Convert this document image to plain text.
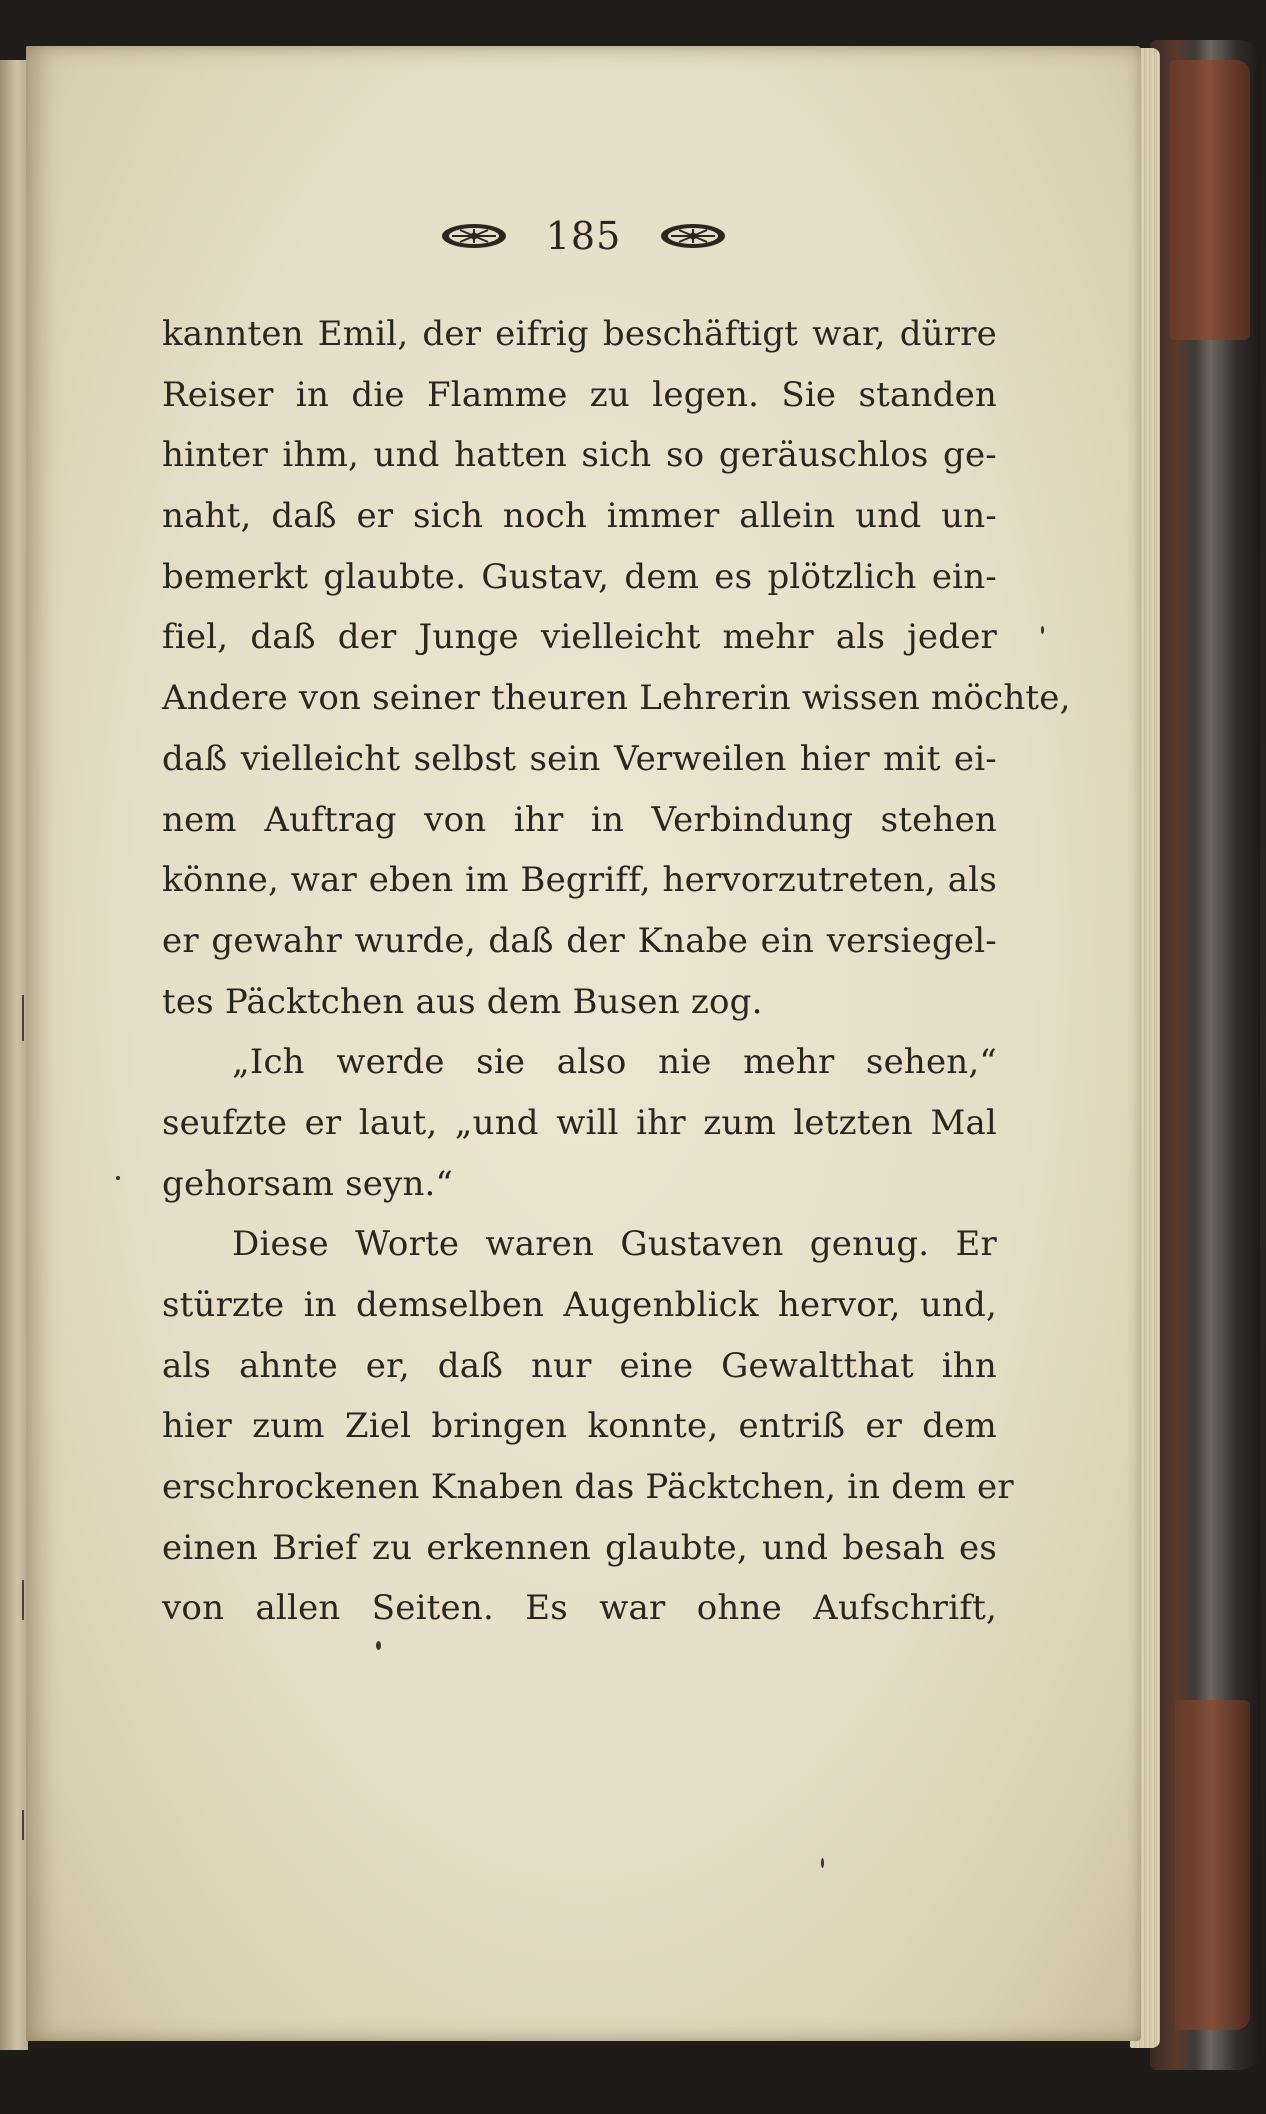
185
kannten Emil, der eifrig beschäftigt war, dürre
Reiser in die Flamme zu legen. Sie standen
hinter ihm, und hatten sich so geräuschlos ge-
naht, daß er sich noch immer allein und un-
bemerkt glaubte. Gustav, dem es plötzlich ein-
fiel, daß der Junge vielleicht mehr als jeder
Andere von seiner theuren Lehrerin wissen möchte,
daß vielleicht selbst sein Verweilen hier mit ei-
nem Auftrag von ihr in Verbindung stehen
könne, war eben im Begriff, hervorzutreten, als
er gewahr wurde, daß der Knabe ein versiegel-
tes Päcktchen aus dem Busen zog.
„Ich werde sie also nie mehr sehen,“
seufzte er laut, „und will ihr zum letzten Mal
gehorsam seyn.“
Diese Worte waren Gustaven genug. Er
stürzte in demselben Augenblick hervor, und,
als ahnte er, daß nur eine Gewaltthat ihn
hier zum Ziel bringen konnte, entriß er dem
erschrockenen Knaben das Päcktchen, in dem er
einen Brief zu erkennen glaubte, und besah es
von allen Seiten. Es war ohne Aufschrift,
